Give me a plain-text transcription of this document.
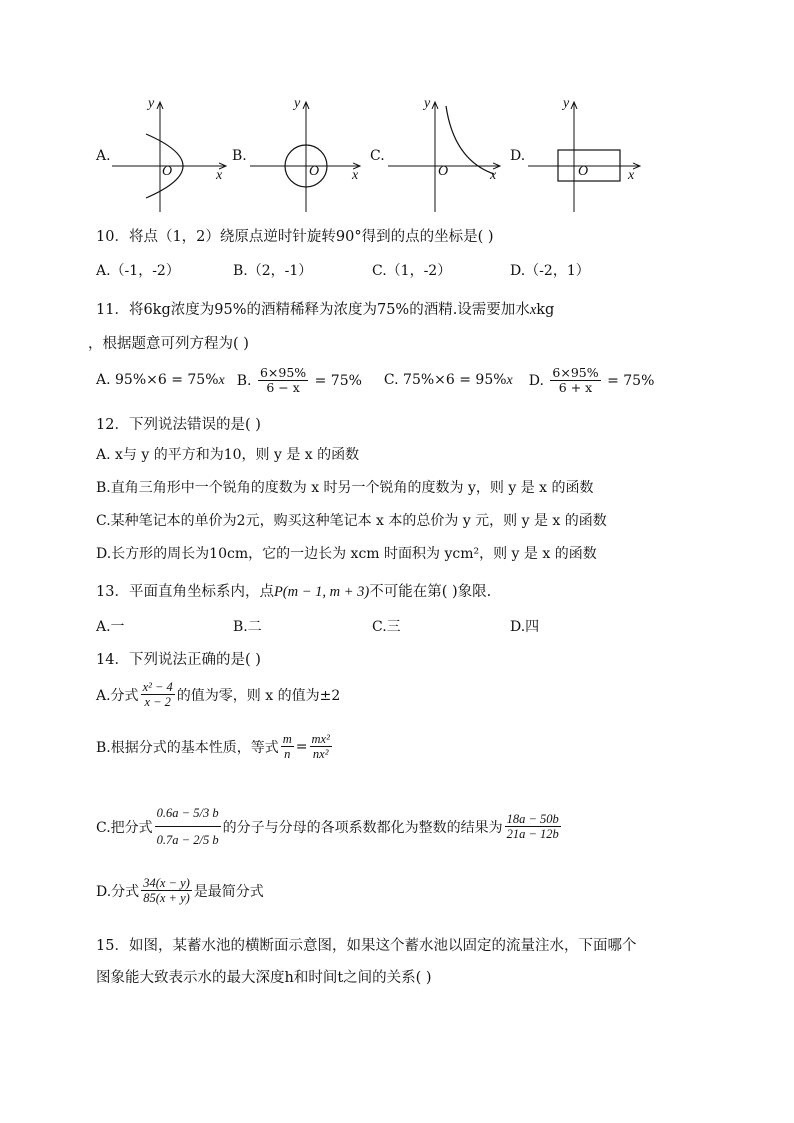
A.	B.	C.	D.
y
x
O
y
x
O
y
x
O
y
x
O
10．将点（1，2）绕原点逆时针旋转90°得到的点的坐标是( )
A.（-1，-2）	B.（2，-1）	C.（1，-2）	D.（-2，1）
11．将6kg浓度为95%的酒精稀释为浓度为75%的酒精.设需要加水xkg
，根据题意可列方程为( )
A. 95%×6 = 75%x B. $\frac{6\times 95\%}{6 - x} = 75\%$ C. 75%×6 = 95%x D. $\frac{6\times 95\%}{6 + x} = 75\%$
12．下列说法错误的是( )
A. x与 y 的平方和为10，则 y 是 x 的函数
B.直角三角形中一个锐角的度数为 x 时另一个锐角的度数为 y，则 y 是 x 的函数
C.某种笔记本的单价为2元，购买这种笔记本 x 本的总价为 y 元，则 y 是 x 的函数
D.长方形的周长为10cm，它的一边长为 xcm 时面积为 ycm²，则 y 是 x 的函数
13．平面直角坐标系内，点P(m − 1, m + 3)不可能在第( )象限.
A.一	B.二	C.三	D.四
14．下列说法正确的是( )
A.分式 $\frac{\text{x² − 4}}{x - 2}$ 的值为零，则 x 的值为±2
B.根据分式的基本性质，等式 $\frac{m}{n} = \frac{\text{mx²}}{\text{nx²}}$
C.把分式 $\frac{0.6a - 5/3 b}{0.7a - 2/5 b}$ 的分子与分母的各项系数都化为整数的结果为 $\frac{18a - 50b}{21a - 12b}$
D.分式 $\frac{34(x - y)}{85(x + y)}$ 是最简分式
15．如图，某蓄水池的横断面示意图，如果这个蓄水池以固定的流量注水，下面哪个
图象能大致表示水的最大深度h和时间t之间的关系( )
